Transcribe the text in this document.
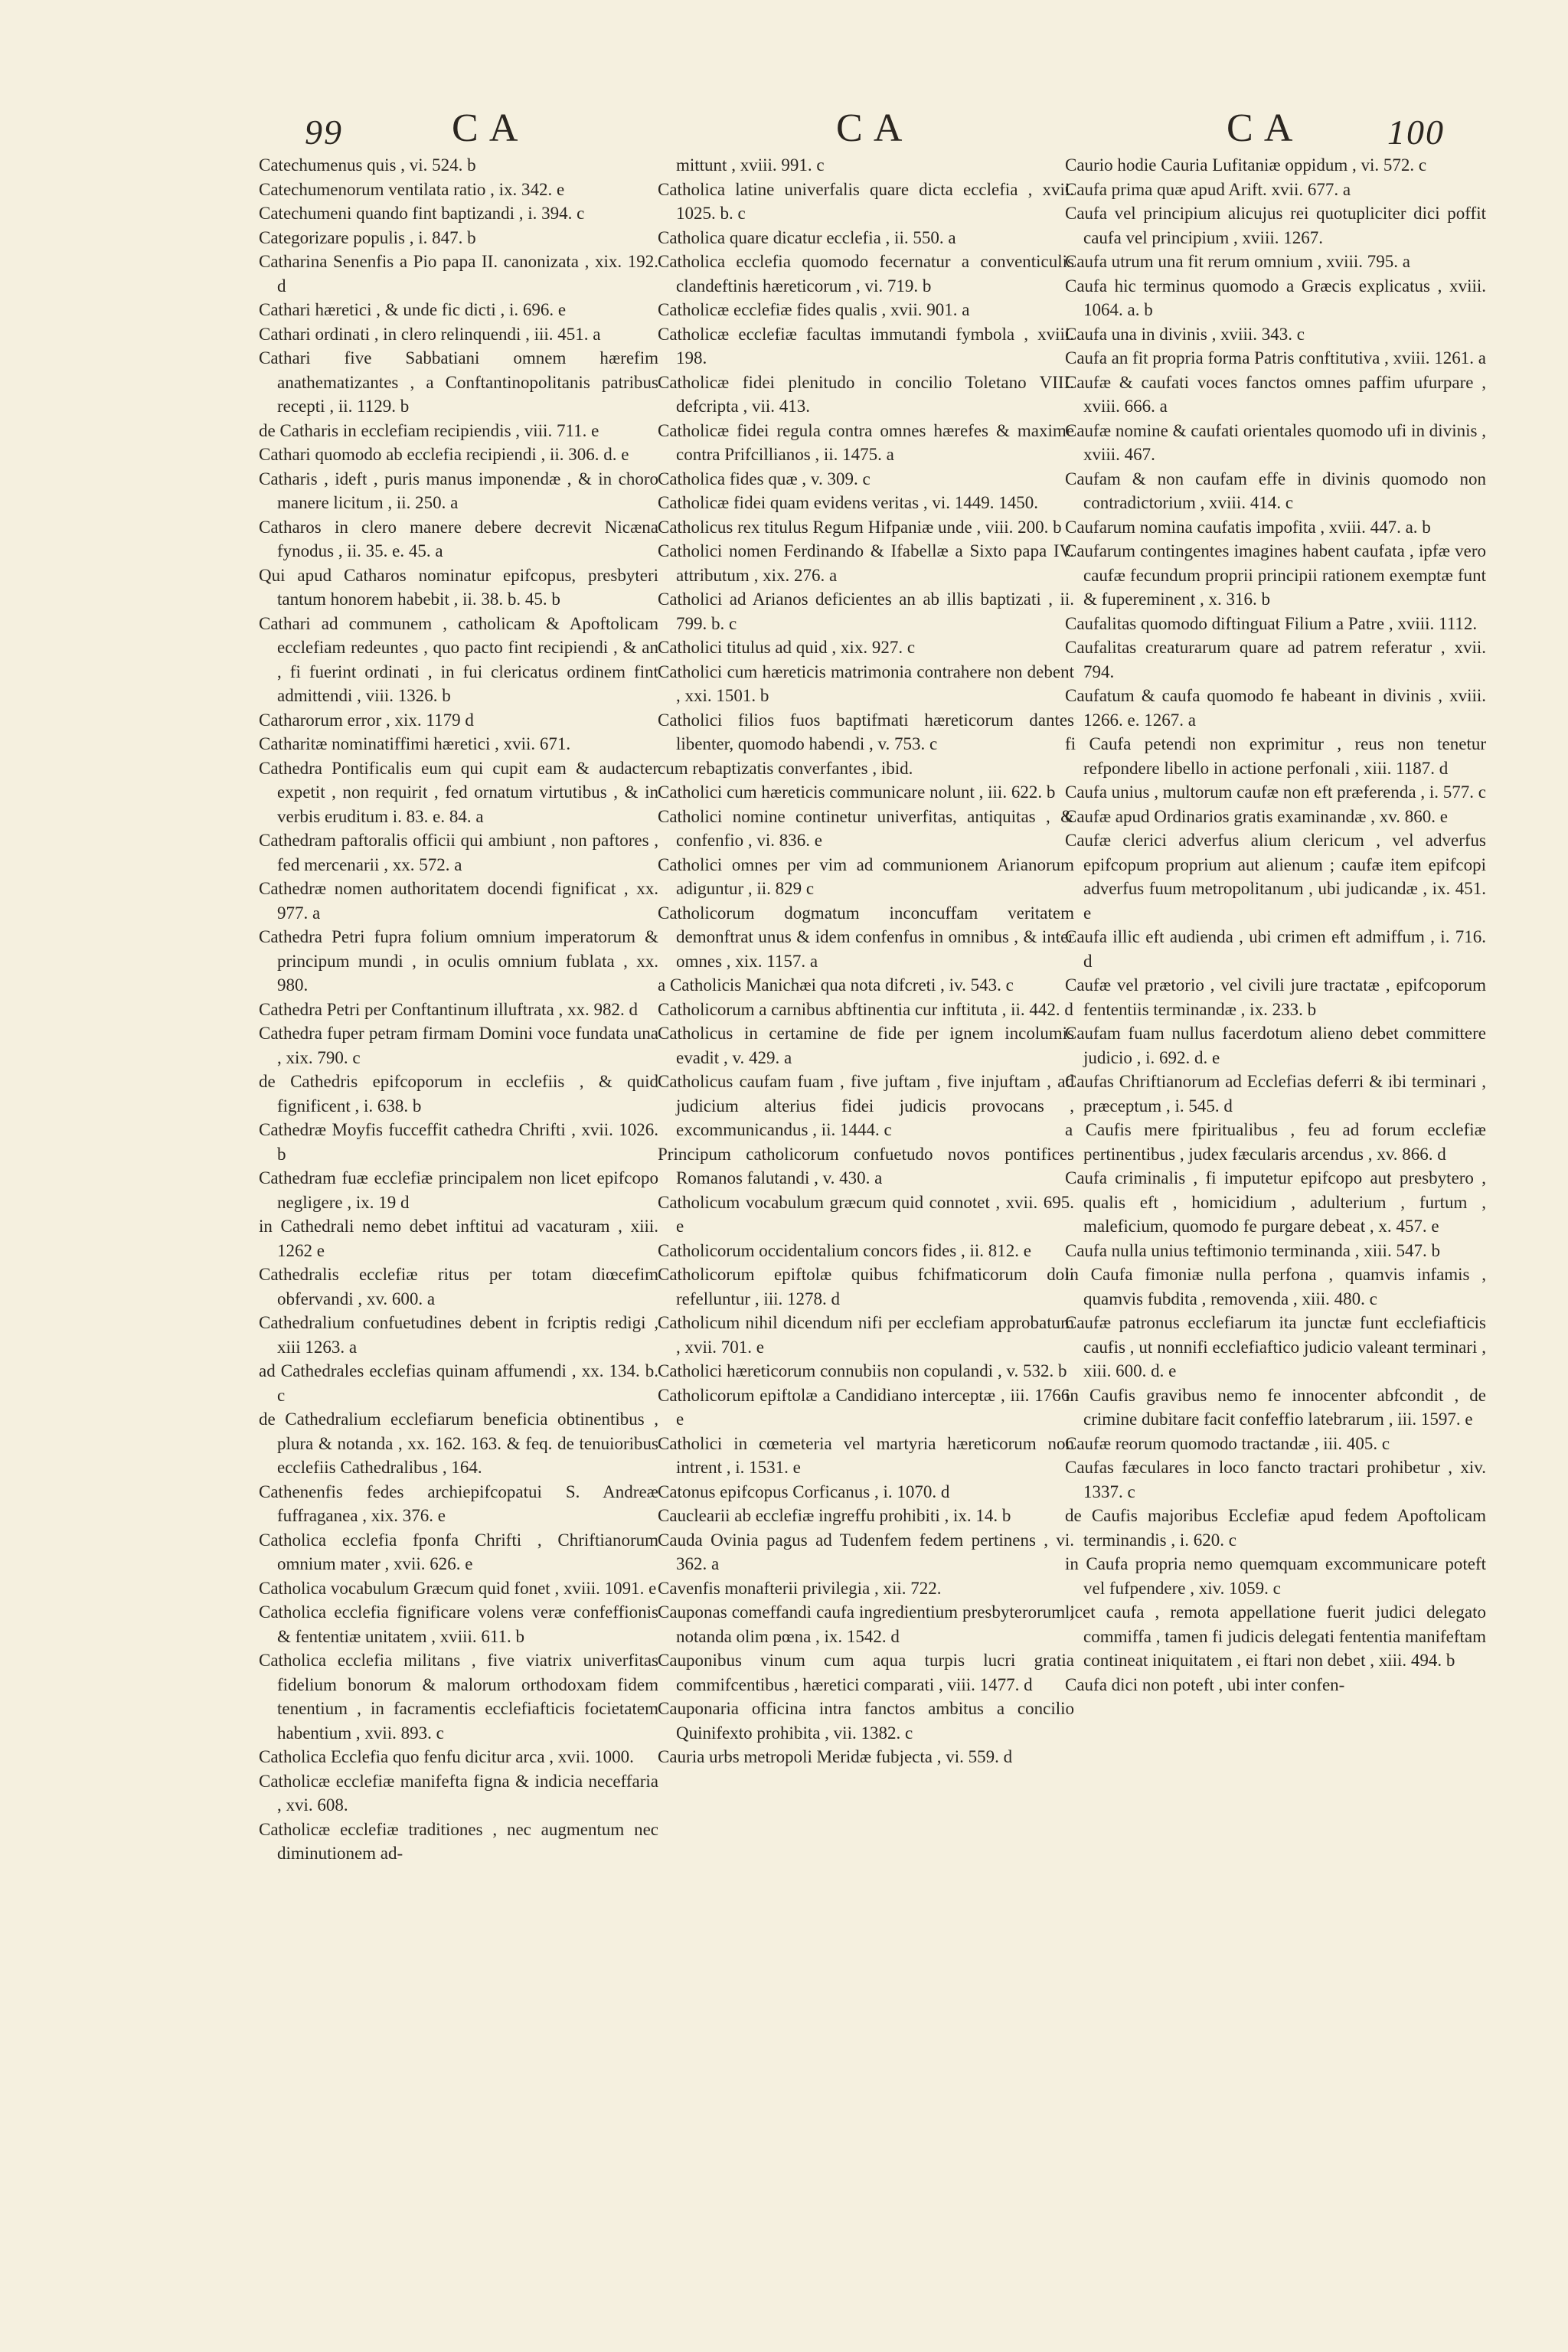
99	C A	C A	C A	100
Catechumenus quis , vi. 524. b
Catechumenorum ventilata ratio , ix. 342. e
Catechumeni quando fint baptizandi , i. 394. c
Categorizare populis , i. 847. b
Catharina Senenfis a Pio papa II. canonizata , xix. 192. d
Cathari hæretici , & unde fic dicti , i. 696. e
Cathari ordinati , in clero relinquendi , iii. 451. a
Cathari five Sabbatiani omnem hærefim anathematizantes , a Conftantinopolitanis patribus recepti , ii. 1129. b
de Catharis in ecclefiam recipiendis , viii. 711. e
Cathari quomodo ab ecclefia recipiendi , ii. 306. d. e
Catharis , ideft , puris manus imponendæ , & in choro manere licitum , ii. 250. a
Catharos in clero manere debere decrevit Nicæna fynodus , ii. 35. e. 45. a
Qui apud Catharos nominatur epifcopus, presbyteri tantum honorem habebit , ii. 38. b. 45. b
Cathari ad communem , catholicam & Apoftolicam ecclefiam redeuntes , quo pacto fint recipiendi , & an , fi fuerint ordinati , in fui clericatus ordinem fint admittendi , viii. 1326. b
Catharorum error , xix. 1179 d
Catharitæ nominatiffimi hæretici , xvii. 671.
Cathedra Pontificalis eum qui cupit eam & audacter expetit , non requirit , fed ornatum virtutibus , & in verbis eruditum i. 83. e. 84. a
Cathedram paftoralis officii qui ambiunt , non paftores , fed mercenarii , xx. 572. a
Cathedræ nomen authoritatem docendi fignificat , xx. 977. a
Cathedra Petri fupra folium omnium imperatorum & principum mundi , in oculis omnium fublata , xx. 980.
Cathedra Petri per Conftantinum illuftrata , xx. 982. d
Cathedra fuper petram firmam Domini voce fundata una , xix. 790. c
de Cathedris epifcoporum in ecclefiis , & quid fignificent , i. 638. b
Cathedræ Moyfis fucceffit cathedra Chrifti , xvii. 1026. b
Cathedram fuæ ecclefiæ principalem non licet epifcopo negligere , ix. 19 d
in Cathedrali nemo debet inftitui ad vacaturam , xiii. 1262 e
Cathedralis ecclefiæ ritus per totam diœcefim obfervandi , xv. 600. a
Cathedralium confuetudines debent in fcriptis redigi , xiii 1263. a
ad Cathedrales ecclefias quinam affumendi , xx. 134. b. c
de Cathedralium ecclefiarum beneficia obtinentibus , plura & notanda , xx. 162. 163. & feq. de tenuioribus ecclefiis Cathedralibus , 164.
Cathenenfis fedes archiepifcopatui S. Andreæ fuffraganea , xix. 376. e
Catholica ecclefia fponfa Chrifti , Chriftianorum omnium mater , xvii. 626. e
Catholica vocabulum Græcum quid fonet , xviii. 1091. e
Catholica ecclefia fignificare volens veræ confeffionis & fententiæ unitatem , xviii. 611. b
Catholica ecclefia militans , five viatrix univerfitas fidelium bonorum & malorum orthodoxam fidem tenentium , in facramentis ecclefiafticis focietatem habentium , xvii. 893. c
Catholica Ecclefia quo fenfu dicitur arca , xvii. 1000.
Catholicæ ecclefiæ manifefta figna & indicia neceffaria , xvi. 608.
Catholicæ ecclefiæ traditiones , nec augmentum nec diminutionem ad-
mittunt , xviii. 991. c
Catholica latine univerfalis quare dicta ecclefia , xvii. 1025. b. c
Catholica quare dicatur ecclefia , ii. 550. a
Catholica ecclefia quomodo fecernatur a conventiculis clandeftinis hæreticorum , vi. 719. b
Catholicæ ecclefiæ fides qualis , xvii. 901. a
Catholicæ ecclefiæ facultas immutandi fymbola , xviii. 198.
Catholicæ fidei plenitudo in concilio Toletano VIII. defcripta , vii. 413.
Catholicæ fidei regula contra omnes hærefes & maxime contra Prifcillianos , ii. 1475. a
Catholica fides quæ , v. 309. c
Catholicæ fidei quam evidens veritas , vi. 1449. 1450.
Catholicus rex titulus Regum Hifpaniæ unde , viii. 200. b
Catholici nomen Ferdinando & Ifabellæ a Sixto papa IV. attributum , xix. 276. a
Catholici ad Arianos deficientes an ab illis baptizati , ii. 799. b. c
Catholici titulus ad quid , xix. 927. c
Catholici cum hæreticis matrimonia contrahere non debent , xxi. 1501. b
Catholici filios fuos baptifmati hæreticorum dantes libenter, quomodo habendi , v. 753. c
cum rebaptizatis converfantes , ibid.
Catholici cum hæreticis communicare nolunt , iii. 622. b
Catholici nomine continetur univerfitas, antiquitas , & confenfio , vi. 836. e
Catholici omnes per vim ad communionem Arianorum adiguntur , ii. 829 c
Catholicorum dogmatum inconcuffam veritatem demonftrat unus & idem confenfus in omnibus , & inter omnes , xix. 1157. a
a Catholicis Manichæi qua nota difcreti , iv. 543. c
Catholicorum a carnibus abftinentia cur inftituta , ii. 442. d
Catholicus in certamine de fide per ignem incolumis evadit , v. 429. a
Catholicus caufam fuam , five juftam , five injuftam , ad judicium alterius fidei judicis provocans , excommunicandus , ii. 1444. c
Principum catholicorum confuetudo novos pontifices Romanos falutandi , v. 430. a
Catholicum vocabulum græcum quid connotet , xvii. 695. e
Catholicorum occidentalium concors fides , ii. 812. e
Catholicorum epiftolæ quibus fchifmaticorum doli refelluntur , iii. 1278. d
Catholicum nihil dicendum nifi per ecclefiam approbatum , xvii. 701. e
Catholici hæreticorum connubiis non copulandi , v. 532. b
Catholicorum epiftolæ a Candidiano interceptæ , iii. 1766. e
Catholici in cœmeteria vel martyria hæreticorum non intrent , i. 1531. e
Catonus epifcopus Corficanus , i. 1070. d
Cauclearii ab ecclefiæ ingreffu prohibiti , ix. 14. b
Cauda Ovinia pagus ad Tudenfem fedem pertinens , vi. 362. a
Cavenfis monafterii privilegia , xii. 722.
Cauponas comeffandi caufa ingredientium presbyterorum , notanda olim pœna , ix. 1542. d
Cauponibus vinum cum aqua turpis lucri gratia commifcentibus , hæretici comparati , viii. 1477. d
Cauponaria officina intra fanctos ambitus a concilio Quinifexto prohibita , vii. 1382. c
Cauria urbs metropoli Meridæ fubjecta , vi. 559. d
Caurio hodie Cauria Lufitaniæ oppidum , vi. 572. c
Caufa prima quæ apud Arift. xvii. 677. a
Caufa vel principium alicujus rei quotupliciter dici poffit caufa vel principium , xviii. 1267.
Caufa utrum una fit rerum omnium , xviii. 795. a
Caufa hic terminus quomodo a Græcis explicatus , xviii. 1064. a. b
Caufa una in divinis , xviii. 343. c
Caufa an fit propria forma Patris conftitutiva , xviii. 1261. a
Caufæ & caufati voces fanctos omnes paffim ufurpare , xviii. 666. a
Caufæ nomine & caufati orientales quomodo ufi in divinis , xviii. 467.
Caufam & non caufam effe in divinis quomodo non contradictorium , xviii. 414. c
Caufarum nomina caufatis impofita , xviii. 447. a. b
Caufarum contingentes imagines habent caufata , ipfæ vero caufæ fecundum proprii principii rationem exemptæ funt & fupereminent , x. 316. b
Caufalitas quomodo diftinguat Filium a Patre , xviii. 1112.
Caufalitas creaturarum quare ad patrem referatur , xvii. 794.
Caufatum & caufa quomodo fe habeant in divinis , xviii. 1266. e. 1267. a
fi Caufa petendi non exprimitur , reus non tenetur refpondere libello in actione perfonali , xiii. 1187. d
Caufa unius , multorum caufæ non eft præferenda , i. 577. c
Caufæ apud Ordinarios gratis examinandæ , xv. 860. e
Caufæ clerici adverfus alium clericum , vel adverfus epifcopum proprium aut alienum ; caufæ item epifcopi adverfus fuum metropolitanum , ubi judicandæ , ix. 451. e
Caufa illic eft audienda , ubi crimen eft admiffum , i. 716. d
Caufæ vel prætorio , vel civili jure tractatæ , epifcoporum fententiis terminandæ , ix. 233. b
Caufam fuam nullus facerdotum alieno debet committere judicio , i. 692. d. e
Caufas Chriftianorum ad Ecclefias deferri & ibi terminari , præceptum , i. 545. d
a Caufis mere fpiritualibus , feu ad forum ecclefiæ pertinentibus , judex fæcularis arcendus , xv. 866. d
Caufa criminalis , fi imputetur epifcopo aut presbytero , qualis eft , homicidium , adulterium , furtum , maleficium, quomodo fe purgare debeat , x. 457. e
Caufa nulla unius teftimonio terminanda , xiii. 547. b
in Caufa fimoniæ nulla perfona , quamvis infamis , quamvis fubdita , removenda , xiii. 480. c
Caufæ patronus ecclefiarum ita junctæ funt ecclefiafticis caufis , ut nonnifi ecclefiaftico judicio valeant terminari , xiii. 600. d. e
in Caufis gravibus nemo fe innocenter abfcondit , de crimine dubitare facit confeffio latebrarum , iii. 1597. e
Caufæ reorum quomodo tractandæ , iii. 405. c
Caufas fæculares in loco fancto tractari prohibetur , xiv. 1337. c
de Caufis majoribus Ecclefiæ apud fedem Apoftolicam terminandis , i. 620. c
in Caufa propria nemo quemquam excommunicare poteft vel fufpendere , xiv. 1059. c
licet caufa , remota appellatione fuerit judici delegato commiffa , tamen fi judicis delegati fententia manifeftam contineat iniquitatem , ei ftari non debet , xiii. 494. b
Caufa dici non poteft , ubi inter confen-
